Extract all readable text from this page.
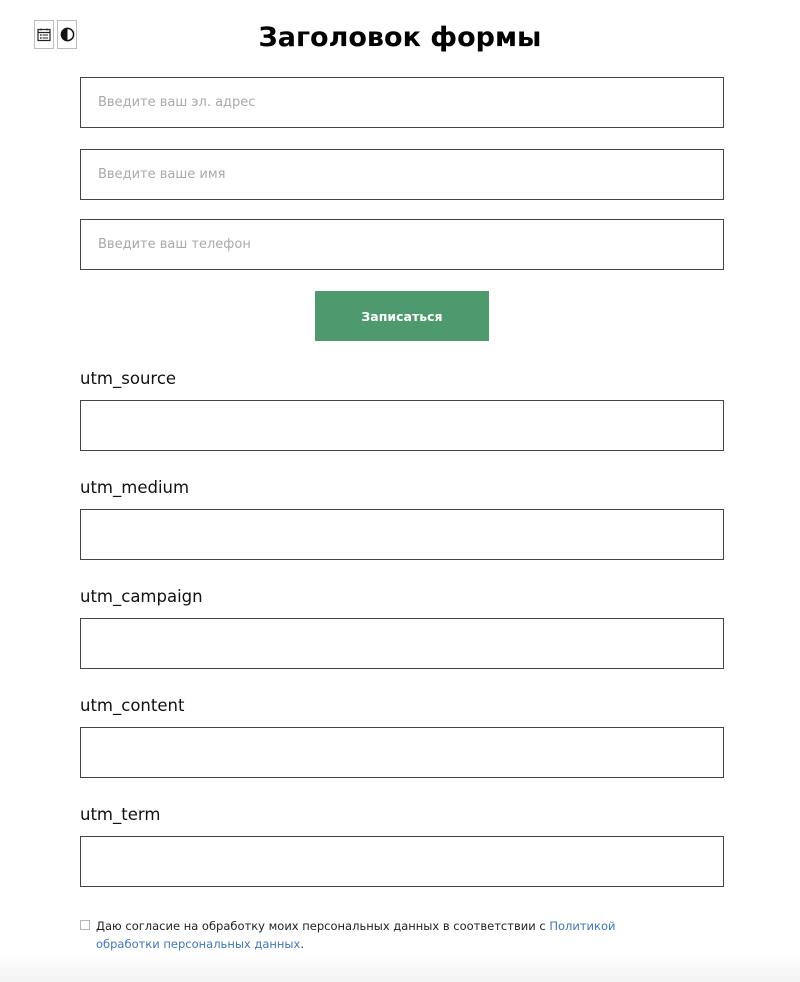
Заголовок формы
Введите ваш эл. адрес
Введите ваше имя
Введите ваш телефон
Записаться
utm_source
utm_medium
utm_campaign
utm_content
utm_term
Даю согласие на обработку моих персональных данных в соответствии с Политикой обработки персональных данных.
